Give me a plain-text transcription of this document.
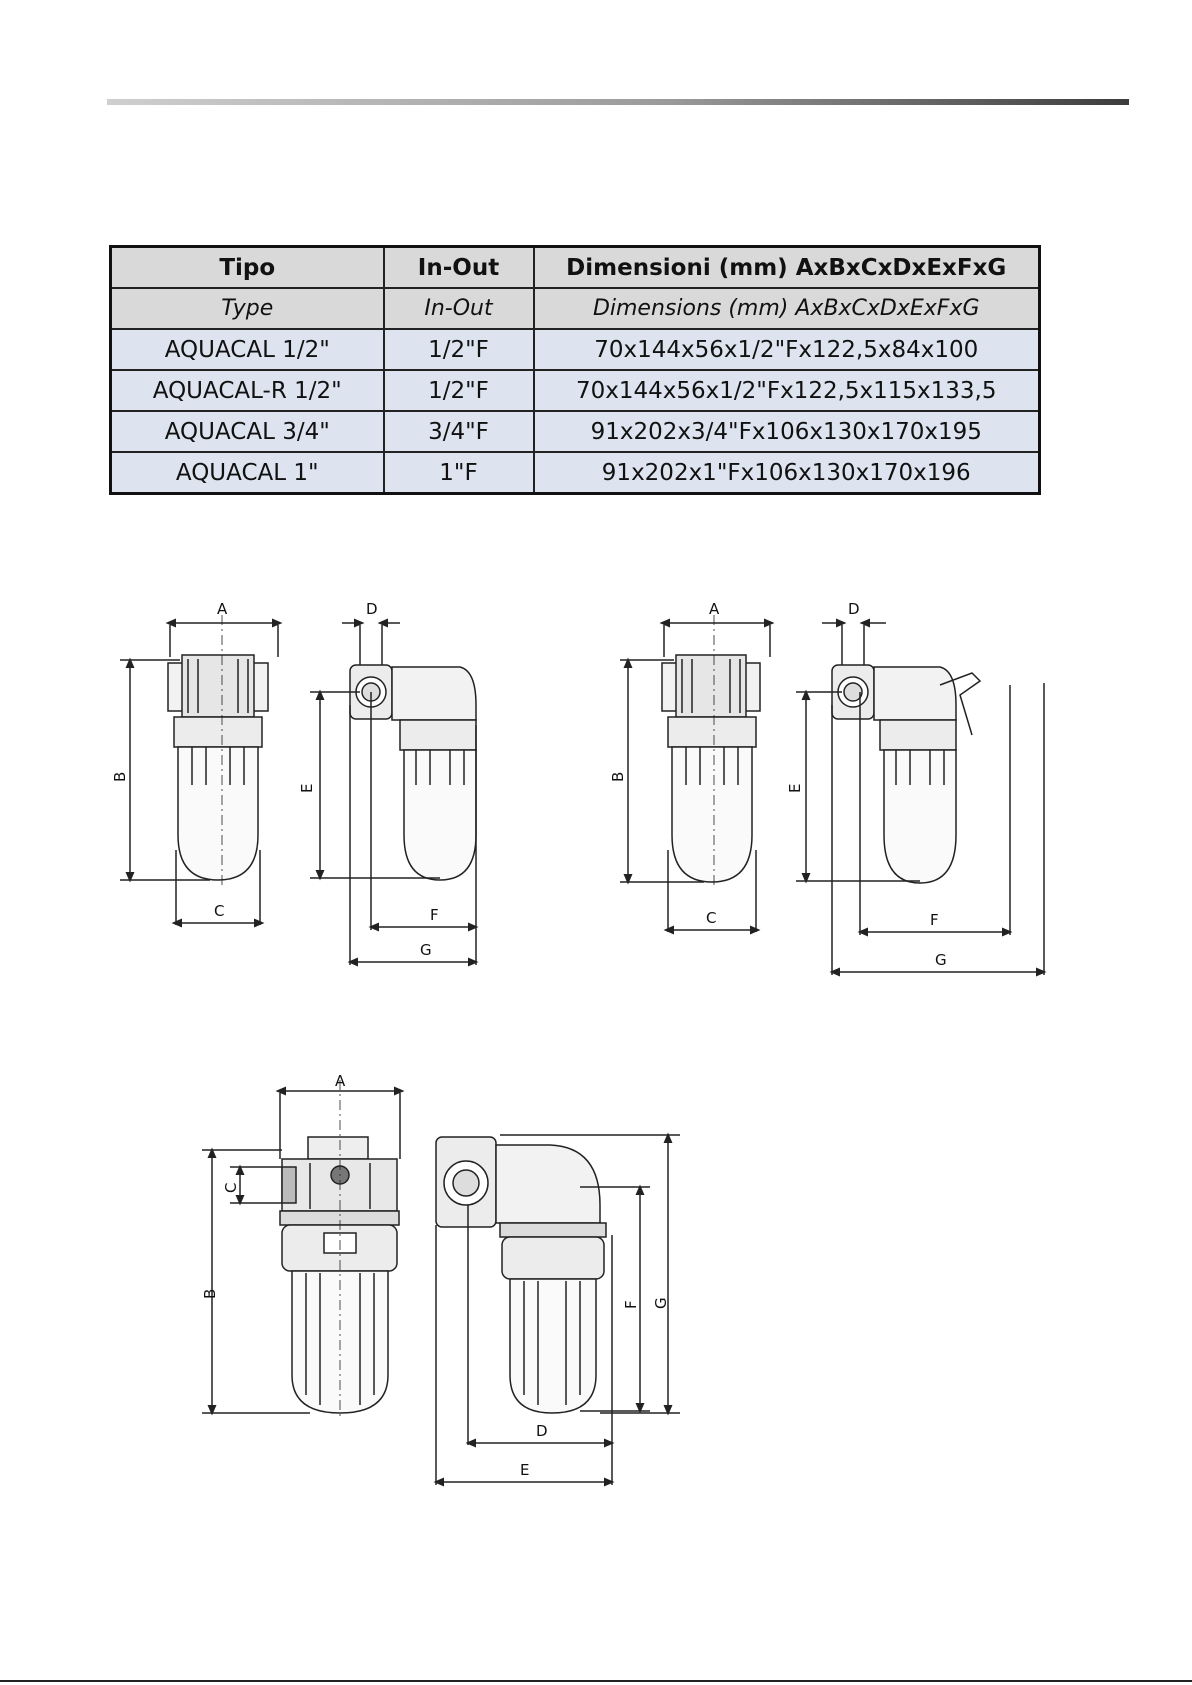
Tipo	In-Out	Dimensioni (mm) AxBxCxDxExFxG
Type	In-Out	Dimensions (mm) AxBxCxDxExFxG
AQUACAL 1/2"	1/2"F	70x144x56x1/2"Fx122,5x84x100
AQUACAL-R 1/2"	1/2"F	70x144x56x1/2"Fx122,5x115x133,5
AQUACAL 3/4"	3/4"F	91x202x3/4"Fx106x130x170x195
AQUACAL 1"	1"F	91x202x1"Fx106x130x170x196
A
B
C
D
E
F
G
A
B
C
D
E
F
G
A
B
C
D
E
F G
